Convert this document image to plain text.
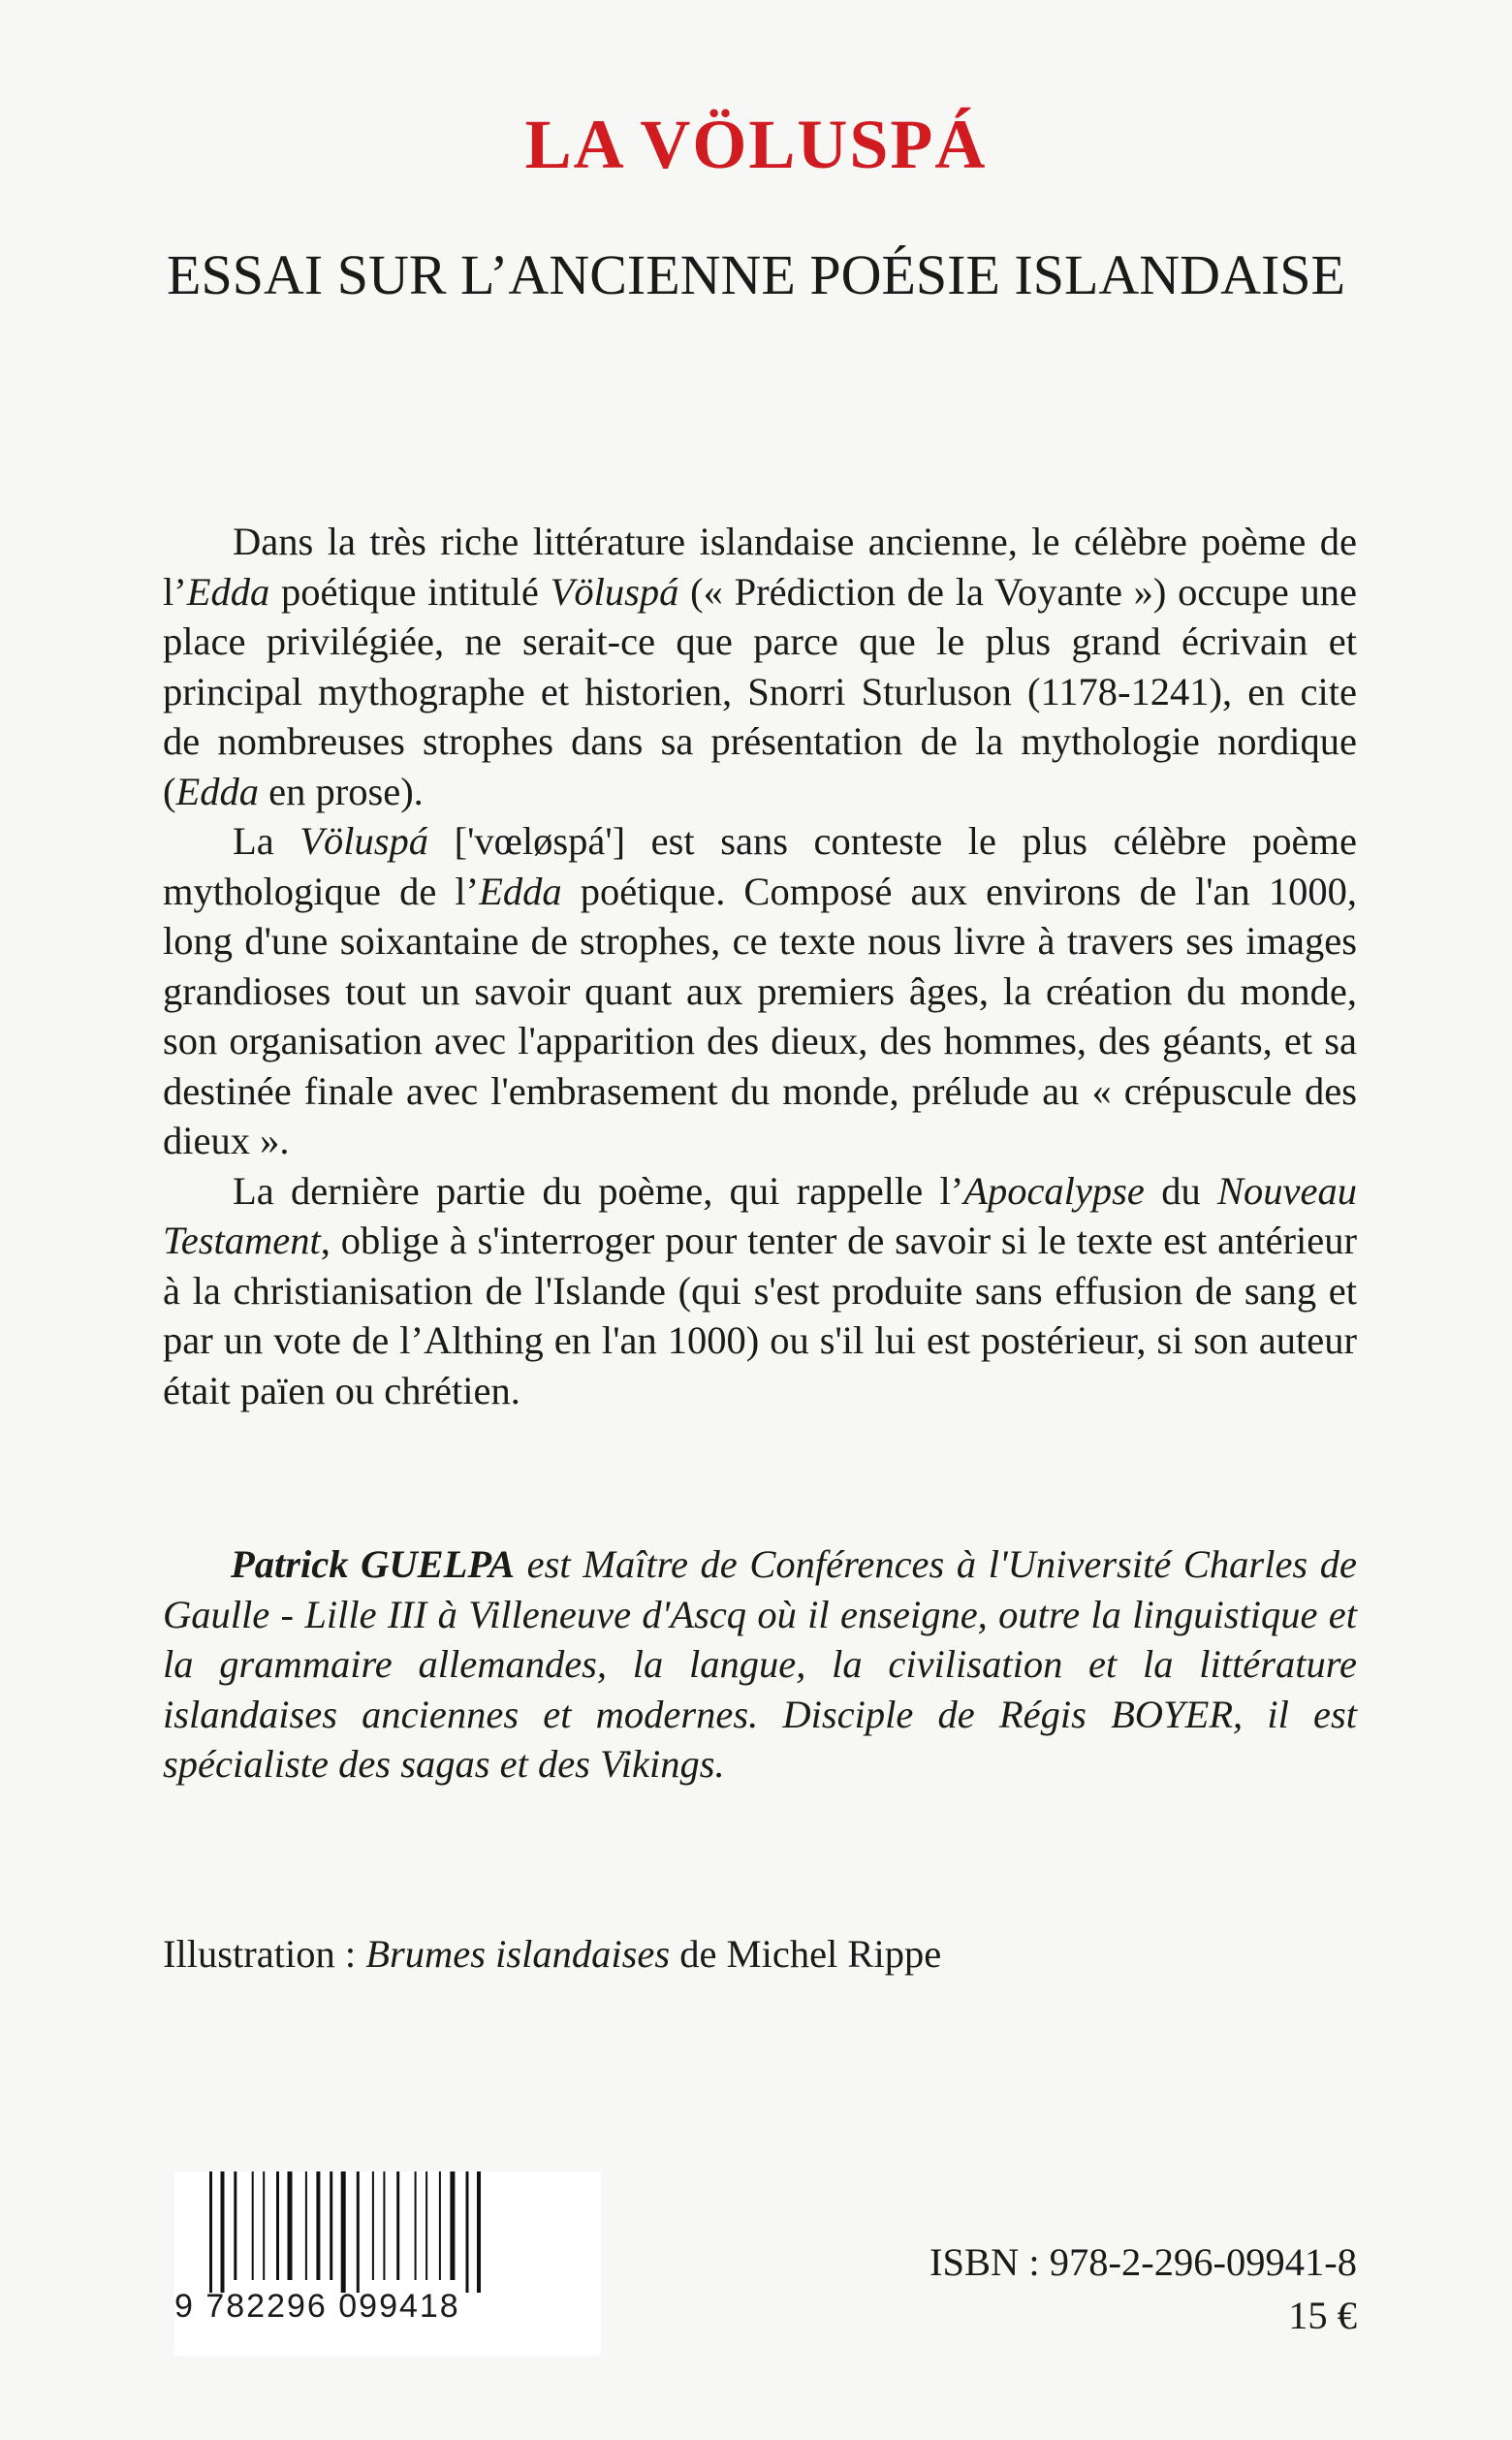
LA VÖLUSPÁ
ESSAI SUR L’ANCIENNE POÉSIE ISLANDAISE

Dans la très riche littérature islandaise ancienne, le célèbre poème de l’Edda poétique intitulé Völuspá (« Prédiction de la Voyante ») occupe une place privilégiée, ne serait-ce que parce que le plus grand écrivain et principal mythographe et historien, Snorri Sturluson (1178-1241), en cite de nombreuses strophes dans sa présentation de la mythologie nordique (Edda en prose).

La Völuspá ['vœløspá'] est sans conteste le plus célèbre poème mythologique de l’Edda poétique. Composé aux environs de l'an 1000, long d'une soixantaine de strophes, ce texte nous livre à travers ses images grandioses tout un savoir quant aux premiers âges, la création du monde, son organisation avec l'apparition des dieux, des hommes, des géants, et sa destinée finale avec l'embrasement du monde, prélude au « crépuscule des dieux ».

La dernière partie du poème, qui rappelle l’Apocalypse du Nouveau Testament, oblige à s'interroger pour tenter de savoir si le texte est antérieur à la christianisation de l'Islande (qui s'est produite sans effusion de sang et par un vote de l’Althing en l'an 1000) ou s'il lui est postérieur, si son auteur était païen ou chrétien.

Patrick GUELPA est Maître de Conférences à l'Université Charles de Gaulle - Lille III à Villeneuve d'Ascq où il enseigne, outre la linguistique et la grammaire allemandes, la langue, la civilisation et la littérature islandaises anciennes et modernes. Disciple de Régis BOYER, il est spécialiste des sagas et des Vikings.

Illustration : Brumes islandaises de Michel Rippe
9 782296 099418
ISBN : 978-2-296-09941-8
15 €
